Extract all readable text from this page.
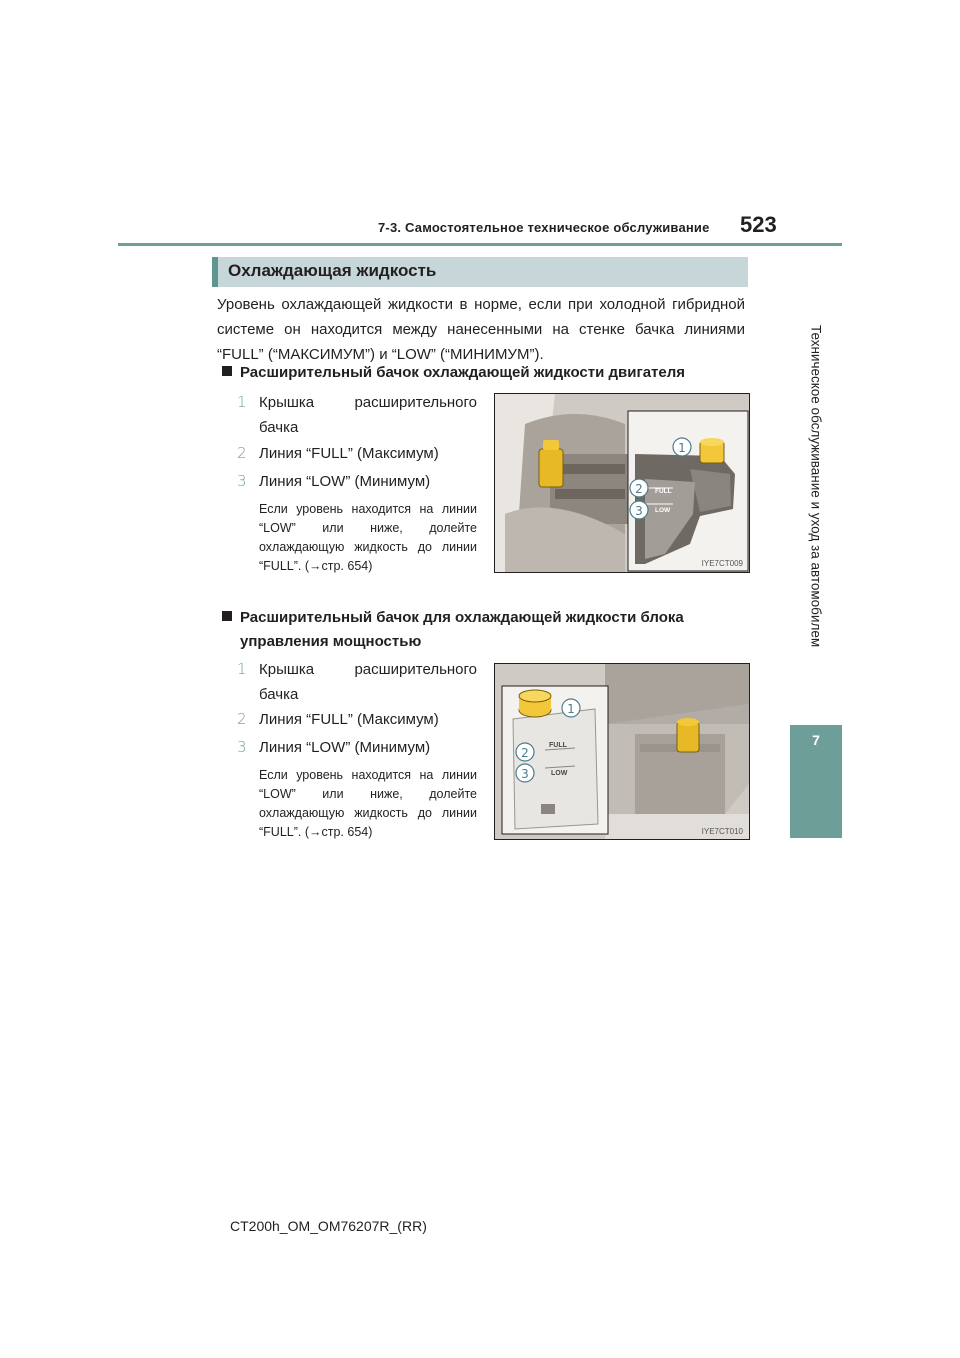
7-3. Самостоятельное техническое обслуживание 523
Техническое обслуживание и уход за автомобилем
7
Охлаждающая жидкость

Уровень охлаждающей жидкости в норме, если при холодной гибридной системе он находится между нанесенными на стенке бачка линиями “FULL” (“МАКСИМУМ”) и “LOW” (“МИНИМУМ”).

Расширительный бачок охлаждающей жидкости двигателя
1 Крышка расширительного бачка
2 Линия “FULL” (Максимум)
3 Линия “LOW” (Минимум)
Если уровень находится на линии “LOW” или ниже, долейте охлаждающую жидкость до линии “FULL”. (→стр. 654)
FULL
LOW
1
2
3
IYE7CT009
Расширительный бачок для охлаждающей жидкости блока
управления мощностью
1 Крышка расширительного бачка
2 Линия “FULL” (Максимум)
3 Линия “LOW” (Минимум)
Если уровень находится на линии “LOW” или ниже, долейте охлаждающую жидкость до линии “FULL”. (→стр. 654)
FULL
LOW
1
2
3
IYE7CT010
CT200h_OM_OM76207R_(RR)
